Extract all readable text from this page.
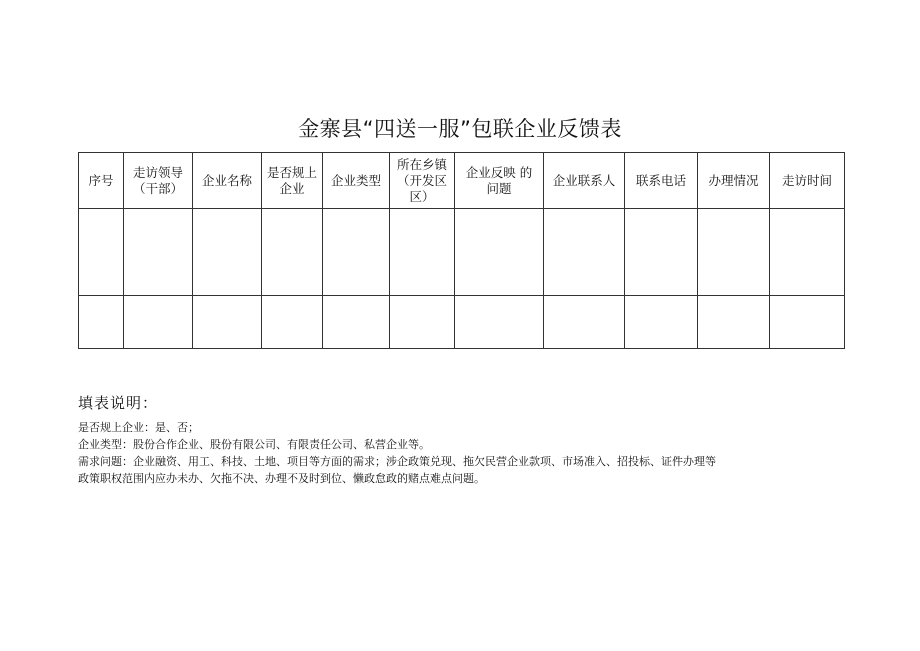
金寨县“四送一服”包联企业反馈表
序号	走访领导（干部）	企业名称	是否规上企业	企业类型	所在乡镇（开发区区）	企业反映 的问题	企业联系人	联系电话	办理情况	走访时间

填表说明：
是否规上企业：是、否；
企业类型：股份合作企业、股份有限公司、有限责任公司、私营企业等。
需求问题：企业融资、用工、科技、土地、项目等方面的需求；涉企政策兑现、拖欠民营企业款项、市场准入、招投标、证件办理等
政策职权范围内应办未办、欠拖不决、办理不及时到位、懒政怠政的赌点难点问题。
